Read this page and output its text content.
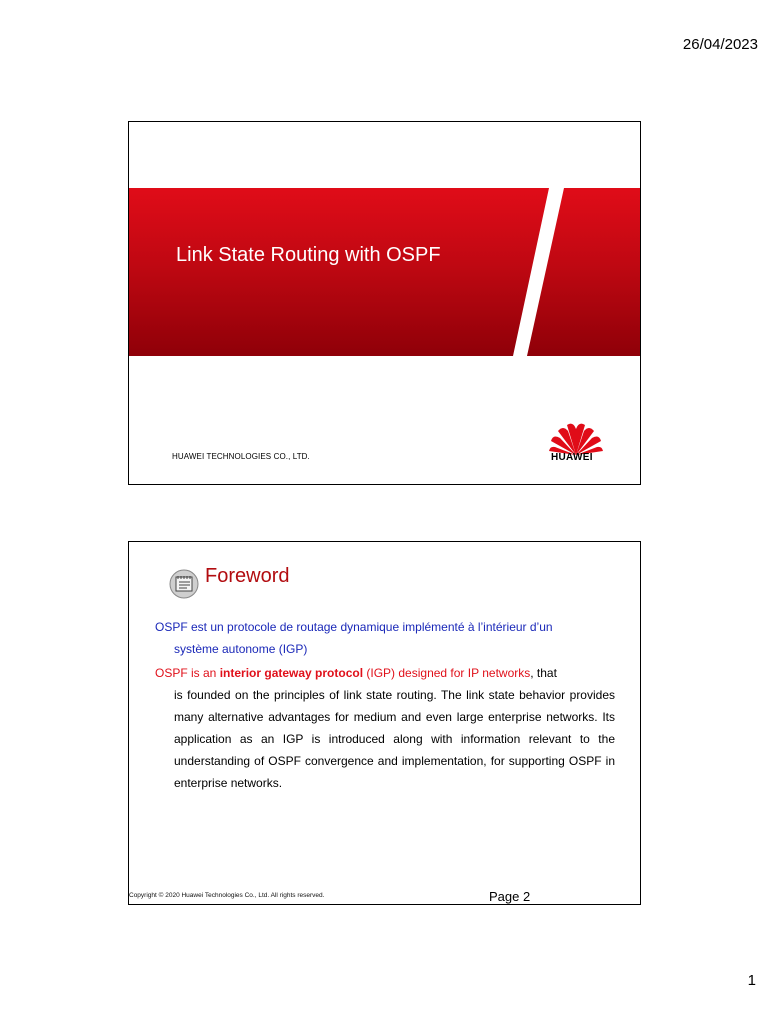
26/04/2023
Link State Routing with OSPF
HUAWEI TECHNOLOGIES CO., LTD.	HUAWEI
Foreword
OSPF est un protocole de routage dynamique implémenté à l’intérieur d’un
système autonome (IGP)
OSPF is an interior gateway protocol (IGP) designed for IP networks, that
is founded on the principles of link state routing. The link state behavior provides many alternative advantages for medium and even large enterprise networks. Its application as an IGP is introduced along with information relevant to the understanding of OSPF convergence and implementation, for supporting OSPF in enterprise networks.
Copyright © 2020 Huawei Technologies Co., Ltd. All rights reserved.	Page 2
1
